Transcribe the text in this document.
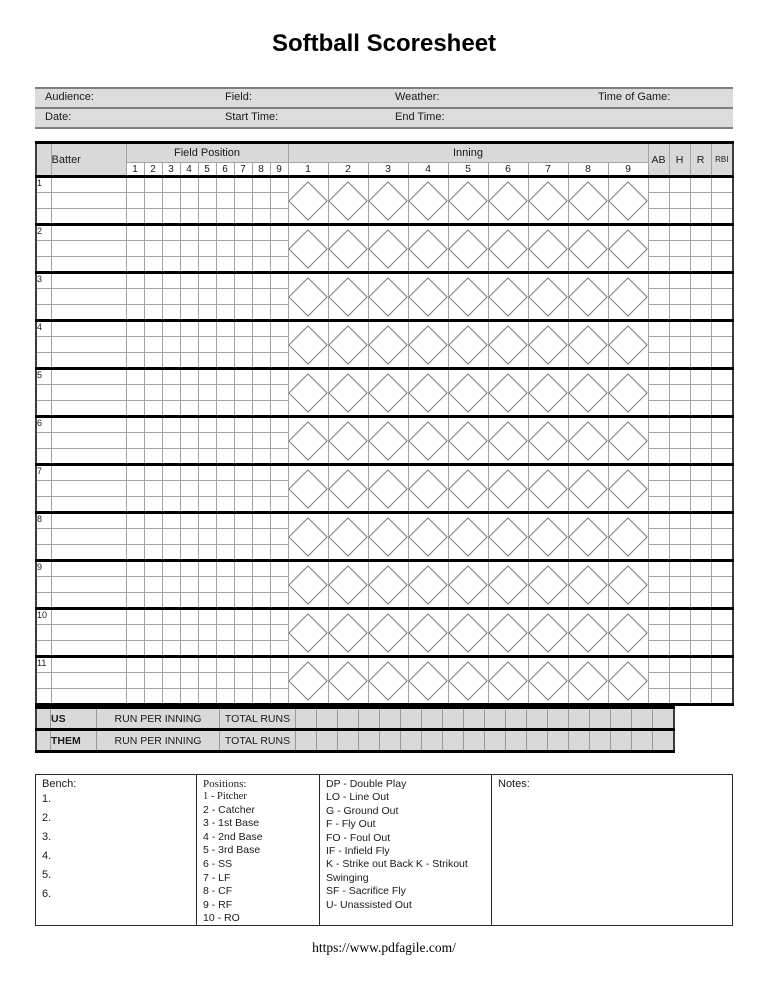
Softball Scoresheet
Audience:	Field:	Weather:	Time of Game:
Date:	Start Time:	End Time:
	Batter	Field Position									Inning									AB	H	R	RBI
		1	2	3	4	5	6	7	8	9	1	2	3	4	5	6	7	8	9				
1											

2											

3											

4											

5											

6											

7											

8											

9											

10											

11											

	US	RUN PER INNING	TOTAL RUNS																		
	THEM	RUN PER INNING	TOTAL RUNS																		
Bench:
1.
2.
3.
4.
5.
6.
Positions:
1 - Pitcher
2 - Catcher
3 - 1st Base
4 - 2nd Base
5 - 3rd Base
6 - SS
7 - LF
8 - CF
9 - RF
10 - RO
DP - Double Play
LO - Line Out
G - Ground Out
F - Fly Out
FO - Foul Out
IF - Infield Fly
K - Strike out Back K - Strikout Swinging
SF - Sacrifice Fly
U- Unassisted Out
Notes:
https://www.pdfagile.com/
